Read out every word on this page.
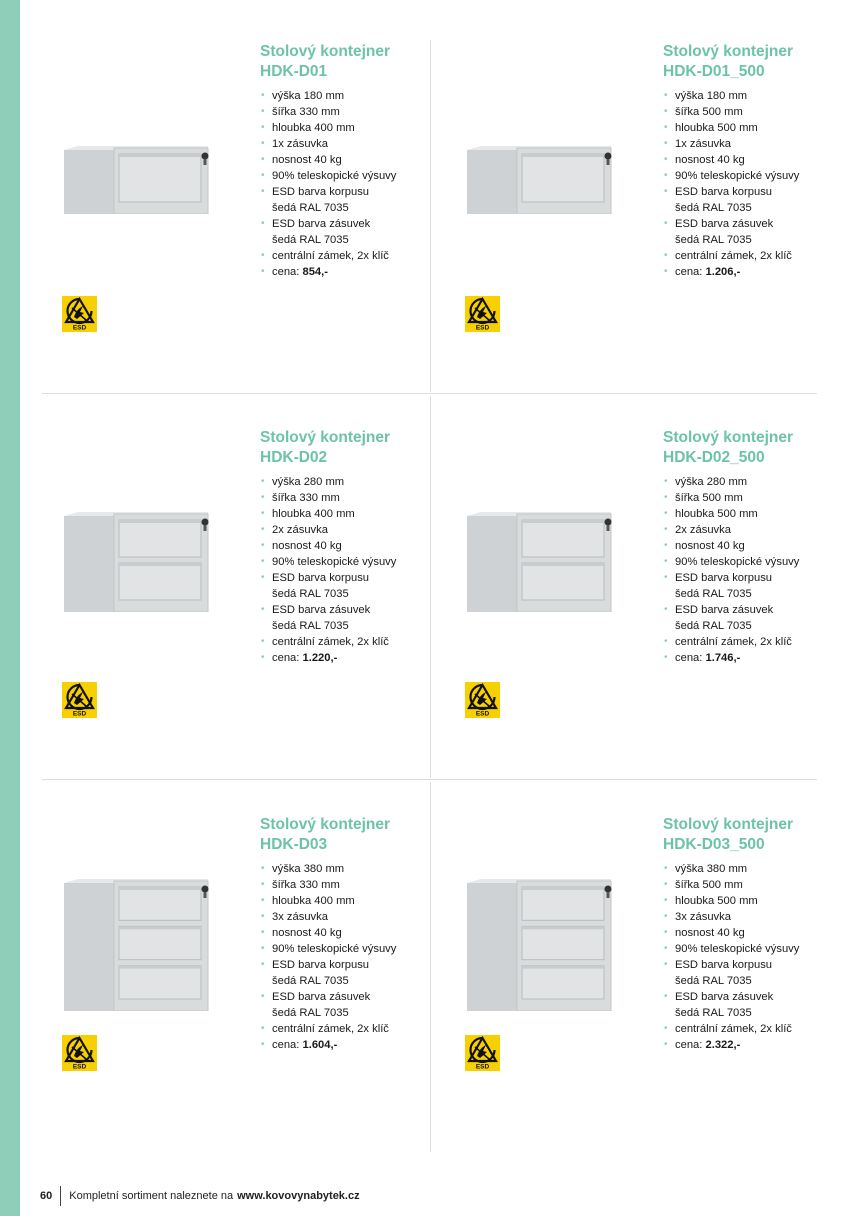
Stolový kontejner
HDK-D01
• výška 180 mm
• šířka 330 mm
• hloubka 400 mm
• 1x zásuvka
• nosnost 40 kg
• 90% teleskopické výsuvy
• ESD barva korpusu
šedá RAL 7035
• ESD barva zásuvek
šedá RAL 7035
• centrální zámek, 2x klíč
• cena: 854,-
ESD
Stolový kontejner
HDK-D01_500
• výška 180 mm
• šířka 500 mm
• hloubka 500 mm
• 1x zásuvka
• nosnost 40 kg
• 90% teleskopické výsuvy
• ESD barva korpusu
šedá RAL 7035
• ESD barva zásuvek
šedá RAL 7035
• centrální zámek, 2x klíč
• cena: 1.206,-
ESD
Stolový kontejner
HDK-D02
• výška 280 mm
• šířka 330 mm
• hloubka 400 mm
• 2x zásuvka
• nosnost 40 kg
• 90% teleskopické výsuvy
• ESD barva korpusu
šedá RAL 7035
• ESD barva zásuvek
šedá RAL 7035
• centrální zámek, 2x klíč
• cena: 1.220,-
ESD
Stolový kontejner
HDK-D02_500
• výška 280 mm
• šířka 500 mm
• hloubka 500 mm
• 2x zásuvka
• nosnost 40 kg
• 90% teleskopické výsuvy
• ESD barva korpusu
šedá RAL 7035
• ESD barva zásuvek
šedá RAL 7035
• centrální zámek, 2x klíč
• cena: 1.746,-
ESD
Stolový kontejner
HDK-D03
• výška 380 mm
• šířka 330 mm
• hloubka 400 mm
• 3x zásuvka
• nosnost 40 kg
• 90% teleskopické výsuvy
• ESD barva korpusu
šedá RAL 7035
• ESD barva zásuvek
šedá RAL 7035
• centrální zámek, 2x klíč
• cena: 1.604,-
ESD
Stolový kontejner
HDK-D03_500
• výška 380 mm
• šířka 500 mm
• hloubka 500 mm
• 3x zásuvka
• nosnost 40 kg
• 90% teleskopické výsuvy
• ESD barva korpusu
šedá RAL 7035
• ESD barva zásuvek
šedá RAL 7035
• centrální zámek, 2x klíč
• cena: 2.322,-
ESD
60 Kompletní sortiment naleznete na www.kovovynabytek.cz
